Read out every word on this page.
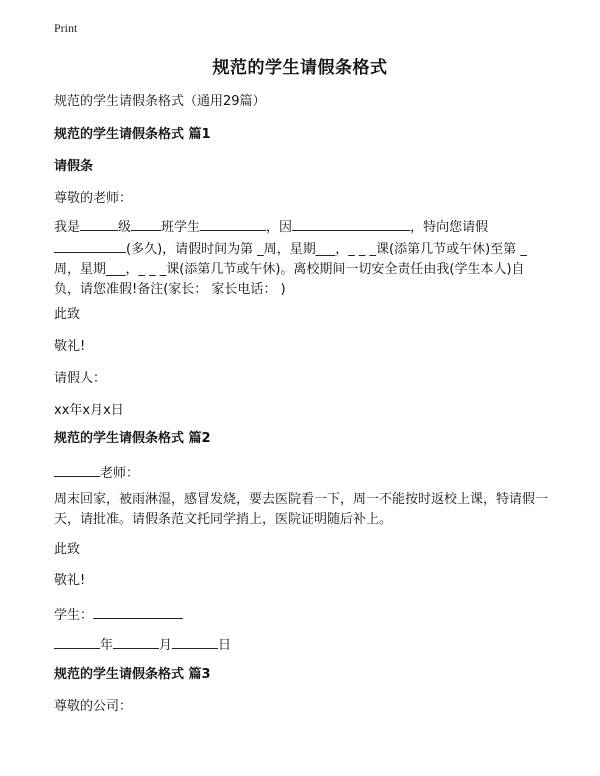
Print
规范的学生请假条格式
规范的学生请假条格式（通用29篇）
规范的学生请假条格式 篇1
请假条
尊敬的老师：
我是	级 班学生	，因	，特向您请假
(多久)，请假时间为第 _周，星期___，_ _ _课(添第几节或午休)至第 _周，星期___，_ _ _课(添第几节或午休)。离校期间一切安全责任由我(学生本人)自负，请您准假!备注(家长： 家长电话： )
此致
敬礼!
请假人：
xx年x月x日
规范的学生请假条格式 篇2
老师：
周末回家，被雨淋湿，感冒发烧，要去医院看一下，周一不能按时返校上课，特请假一天，请批准。请假条范文托同学捎上，医院证明随后补上。
此致
敬礼!
学生：
年	月	日
规范的学生请假条格式 篇3
尊敬的公司：
